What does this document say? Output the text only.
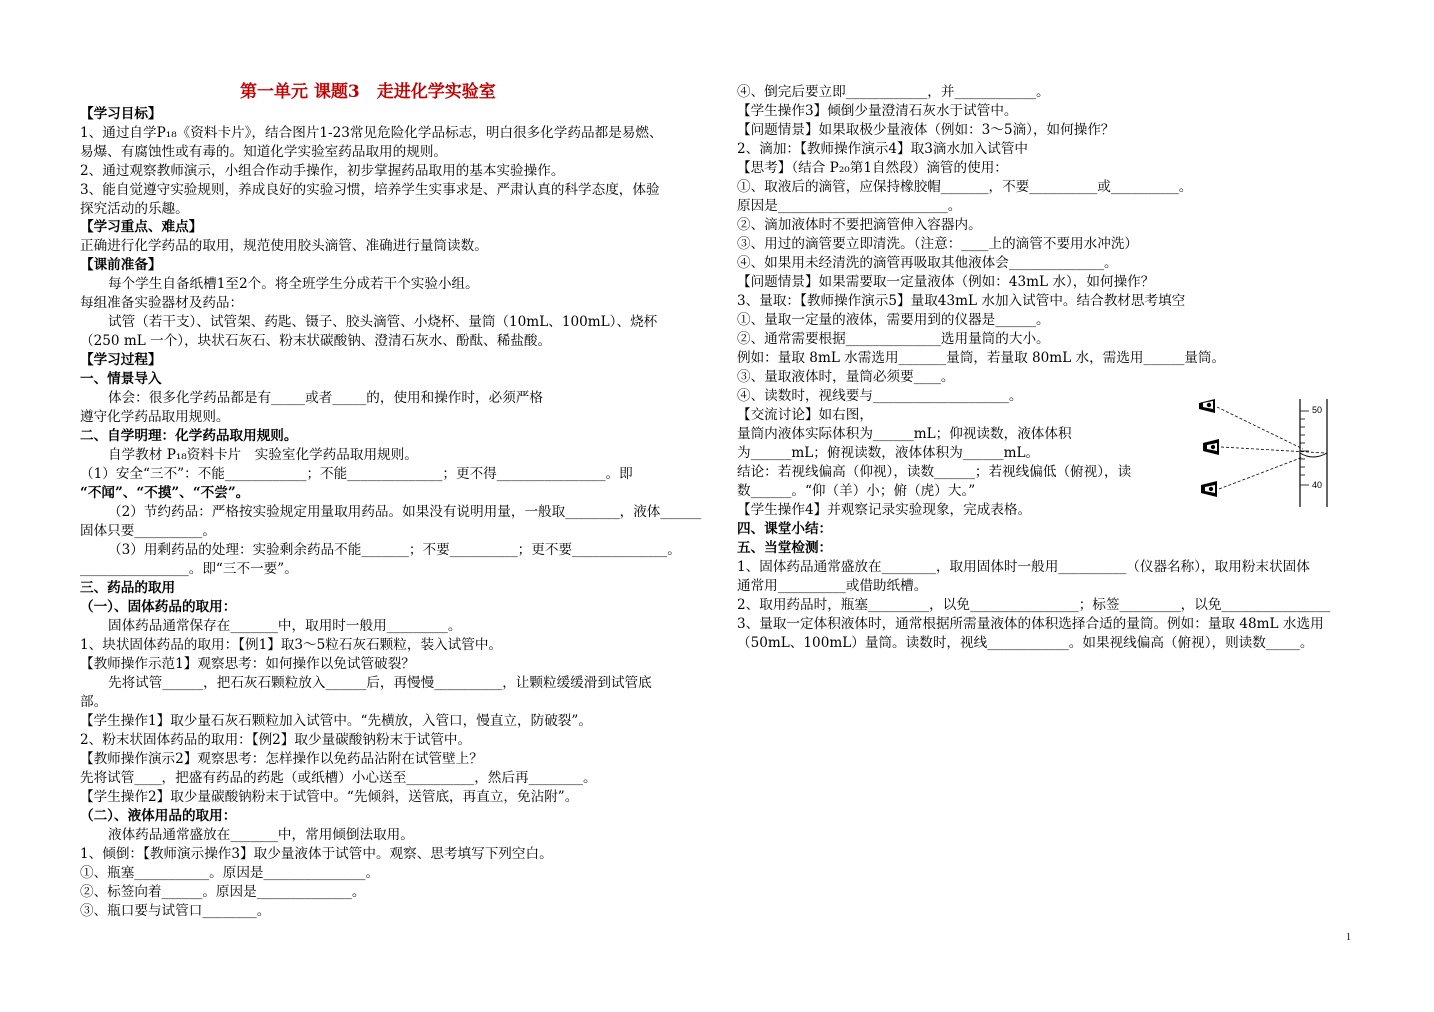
第一单元 课题3　走进化学实验室
【学习目标】
1、通过自学P₁₈《资料卡片》，结合图片1-23常见危险化学品标志，明白很多化学药品都是易燃、
易爆、有腐蚀性或有毒的。知道化学实验室药品取用的规则。
2、通过观察教师演示，小组合作动手操作，初步掌握药品取用的基本实验操作。
3、能自觉遵守实验规则，养成良好的实验习惯，培养学生实事求是、严肃认真的科学态度，体验
探究活动的乐趣。
【学习重点、难点】
正确进行化学药品的取用，规范使用胶头滴管、准确进行量筒读数。
【课前准备】
每个学生自备纸槽1至2个。将全班学生分成若干个实验小组。
每组准备实验器材及药品：
试管（若干支）、试管架、药匙、镊子、胶头滴管、小烧杯、量筒（10mL、100mL）、烧杯
（250 mL 一个），块状石灰石、粉末状碳酸钠、澄清石灰水、酚酞、稀盐酸。
【学习过程】
一、情景导入
体会：很多化学药品都是有_____或者_____的，使用和操作时，必须严格
遵守化学药品取用规则。
二、自学明理：化学药品取用规则。
自学教材 P₁₈资料卡片　实验室化学药品取用规则。
（1）安全“三不”：不能____________；不能______________；更不得________________。即
“不闻”、“不摸”、“不尝”。
（2）节约药品：严格按实验规定用量取用药品。如果没有说明用量，一般取________，液体______
固体只要__________。
（3）用剩药品的处理：实验剩余药品不能_______；不要__________；更不要______________。
________________。即“三不一要”。
三、药品的取用
（一）、固体药品的取用：
固体药品通常保存在_______中，取用时一般用_________。
1、块状固体药品的取用：【例1】取3～5粒石灰石颗粒，装入试管中。
【教师操作示范1】观察思考：如何操作以免试管破裂？
先将试管______，把石灰石颗粒放入______后，再慢慢__________，让颗粒缓缓滑到试管底
部。
【学生操作1】取少量石灰石颗粒加入试管中。“先横放，入管口，慢直立，防破裂”。
2、粉末状固体药品的取用：【例2】取少量碳酸钠粉末于试管中。
【教师操作演示2】观察思考：怎样操作以免药品沾附在试管壁上？
先将试管____，把盛有药品的药匙（或纸槽）小心送至__________，然后再________。
【学生操作2】取少量碳酸钠粉末于试管中。“先倾斜，送管底，再直立，免沾附”。
（二）、液体用品的取用：
液体药品通常盛放在_______中，常用倾倒法取用。
1、倾倒：【教师演示操作3】取少量液体于试管中。观察、思考填写下列空白。
①、瓶塞___________。原因是_______________。
②、标签向着______。原因是______________。
③、瓶口要与试管口________。
④、倒完后要立即____________，并____________。
【学生操作3】倾倒少量澄清石灰水于试管中。
【问题情景】如果取极少量液体（例如：3～5滴），如何操作？
2、滴加：【教师操作演示4】取3滴水加入试管中
【思考】（结合 P₂₀第1自然段）滴管的使用：
①、取液后的滴管，应保持橡胶帽_______，不要__________或__________。
原因是_________________________。
②、滴加液体时不要把滴管伸入容器内。
③、用过的滴管要立即清洗。（注意：____上的滴管不要用水冲洗）
④、如果用未经清洗的滴管再吸取其他液体会______________。
【问题情景】如果需要取一定量液体（例如：43mL 水），如何操作？
3、量取：【教师操作演示5】量取43mL 水加入试管中。结合教材思考填空
①、量取一定量的液体，需要用到的仪器是______。
②、通常需要根据______________选用量筒的大小。
例如：量取 8mL 水需选用_______量筒，若量取 80mL 水，需选用______量筒。
③、量取液体时，量筒必须要____。
④、读数时，视线要与____________________。
【交流讨论】如右图，
量筒内液体实际体积为______mL；仰视读数，液体体积
为______mL；俯视读数，液体体积为______mL。
结论：若视线偏高（仰视），读数______；若视线偏低（俯视），读
数______。“仰（羊）小；俯（虎）大。”
【学生操作4】并观察记录实验现象，完成表格。
四、课堂小结：
五、当堂检测：
1、固体药品通常盛放在________，取用固体时一般用__________（仪器名称），取用粉末状固体
通常用__________或借助纸槽。
2、取用药品时，瓶塞_________，以免________________；标签_________，以免________________
3、量取一定体积液体时，通常根据所需量液体的体积选择合适的量筒。例如：量取 48mL 水选用
（50mL、100mL）量筒。读数时，视线____________。如果视线偏高（俯视），则读数_____。
50
40
1
